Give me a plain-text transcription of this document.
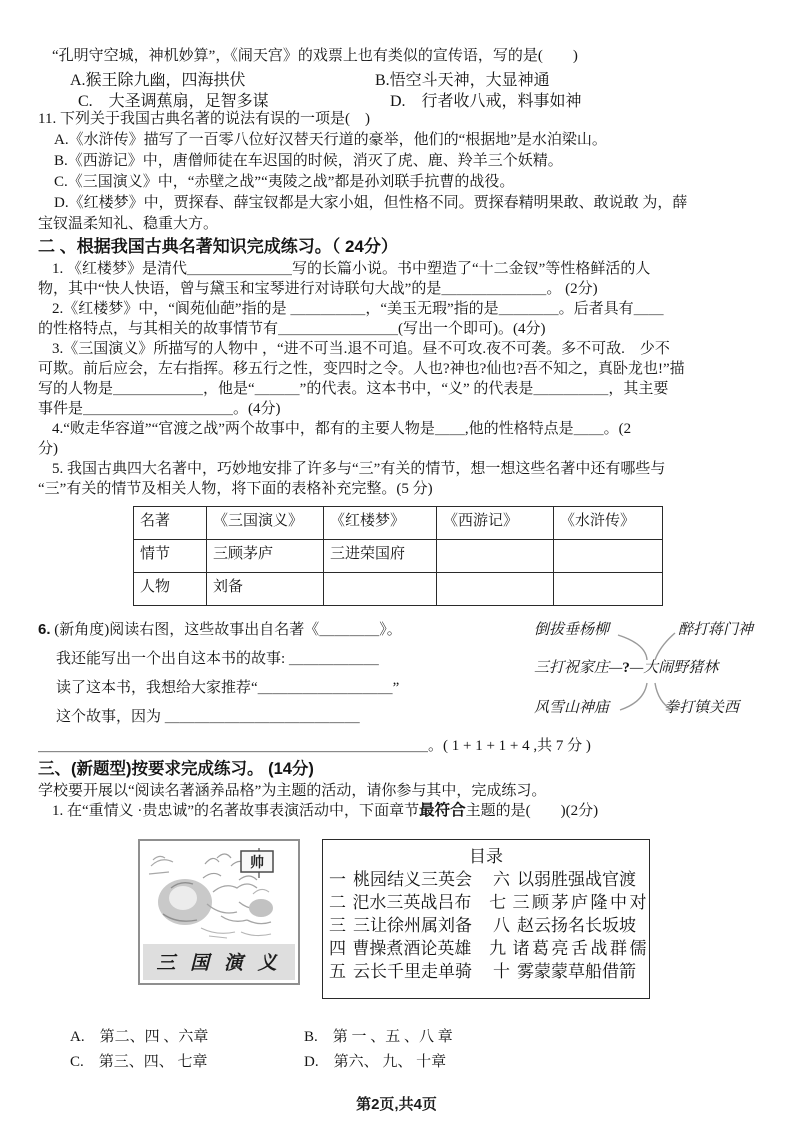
“孔明守空城，神机妙算”，《闹天宫》的戏票上也有类似的宣传语，写的是(　　)
A.猴王除九幽，四海拱伏	B.悟空斗天神，大显神通
C.　大圣调蕉扇，足智多谋	D.　行者收八戒，料事如神
11. 下列关于我国古典名著的说法有误的一项是(　)
A.《水浒传》描写了一百零八位好汉替天行道的豪举，他们的“根据地”是水泊梁山。
B.《西游记》中，唐僧师徒在车迟国的时候，消灭了虎、鹿、羚羊三个妖精。
C.《三国演义》中，“赤壁之战”“夷陵之战”都是孙刘联手抗曹的战役。
D.《红楼梦》中，贾探春、薛宝钗都是大家小姐，但性格不同。贾探春精明果敢、敢说敢 为，薛
宝钗温柔知礼、稳重大方。
二 、根据我国古典名著知识完成练习。（ 24分）
1. 《红楼梦》是清代＿＿＿＿＿＿＿写的长篇小说。书中塑造了“十二金钗”等性格鲜活的人
物，其中“快人快语，曾与黛玉和宝琴进行对诗联句大战”的是＿＿＿＿＿＿＿。 (2分)
2.《红楼梦》中，“阆苑仙葩”指的是 ＿＿＿＿＿，“美玉无瑕”指的是＿＿＿＿。后者具有＿＿
的性格特点，与其相关的故事情节有＿＿＿＿＿＿＿＿(写出一个即可)。(4分)
3.《三国演义》所描写的人物中 ，“进不可当.退不可追。昼不可攻.夜不可袭。多不可敌.　少不
可欺。前后应会，左右指挥。移五行之性，变四时之令。人也?神也?仙也?吾不知之，真卧龙也!”描
写的人物是＿＿＿＿＿＿，他是“＿＿＿”的代表。这本书中，“义” 的代表是＿＿＿＿＿，其主要
事件是＿＿＿＿＿＿＿＿＿＿。(4分)
4.“败走华容道”“官渡之战”两个故事中，都有的主要人物是＿＿,他的性格特点是＿＿。(2
分)
5. 我国古典四大名著中，巧妙地安排了许多与“三”有关的情节，想一想这些名著中还有哪些与
“三”有关的情节及相关人物，将下面的表格补充完整。(5 分)
名著	《三国演义》	《红楼梦》	《西游记》	《水浒传》
情节	三顾茅庐	三进荣国府		
人物	刘备			
6. (新角度)阅读右图，这些故事出自名著《＿＿＿＿》。
我还能写出一个出自这本书的故事: ＿＿＿＿＿＿
读了这本书，我想给大家推荐“＿＿＿＿＿＿＿＿＿”
这个故事，因为 ＿＿＿＿＿＿＿＿＿＿＿＿＿
＿＿＿＿＿＿＿＿＿＿＿＿＿＿＿＿＿＿＿＿＿＿＿＿＿＿。( 1 + 1 + 1 + 4 ,共 7 分 )
倒拔垂杨柳	醉打蒋门神
三打祝家庄—?—大闹野猪林
风雪山神庙	拳打镇关西
三、(新题型)按要求完成练习。 (14分)
学校要开展以“阅读名著涵养品格”为主题的活动，请你参与其中，完成练习。
1. 在“重情义 ·贵忠诚”的名著故事表演活动中，下面章节最符合主题的是(　　)(2分)
帅
三 国 演 义
目录
一 桃园结义三英会	六 以弱胜强战官渡
二 汜水三英战吕布	七 三顾茅庐隆中对
三 三让徐州属刘备	八 赵云扬名长坂坡
四 曹操煮酒论英雄	九 诸葛亮舌战群儒
五 云长千里走单骑	十 雾蒙蒙草船借箭
A.　第二、四 、六章	B.　第 一 、五 、八 章
C.　第三、四、 七章	D.　第六、 九、 十章
第2页,共4页
